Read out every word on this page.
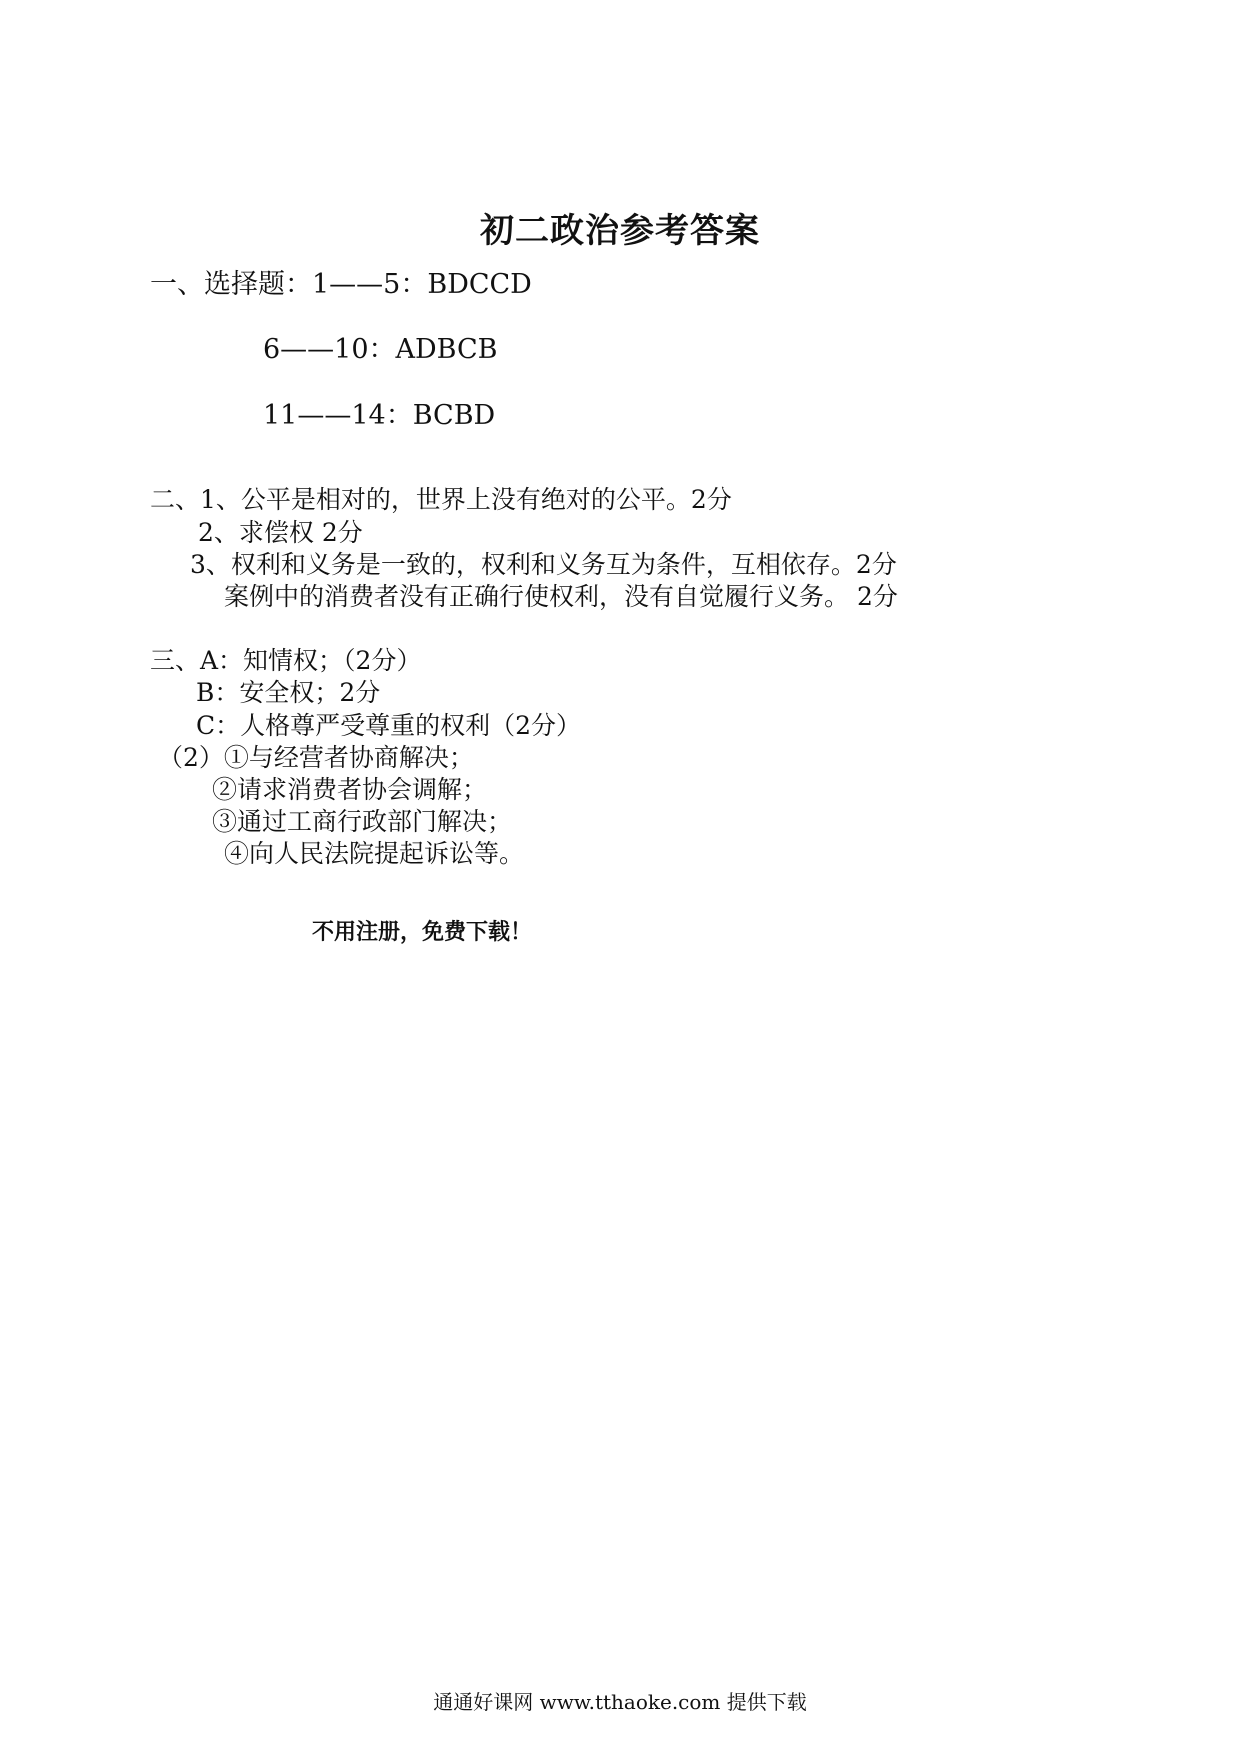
初二政治参考答案
一、选择题：1——5：BDCCD
6——10：ADBCB
11——14：BCBD
二、1、公平是相对的，世界上没有绝对的公平。2分
2、求偿权 2分
3、权利和义务是一致的，权利和义务互为条件，互相依存。2分
案例中的消费者没有正确行使权利，没有自觉履行义务。 2分
三、A：知情权；（2分）
B：安全权；2分
C：人格尊严受尊重的权利（2分）
（2）①与经营者协商解决；
②请求消费者协会调解；
③通过工商行政部门解决；
④向人民法院提起诉讼等。
不用注册，免费下载！
通通好课网 www.tthaoke.com 提供下载
